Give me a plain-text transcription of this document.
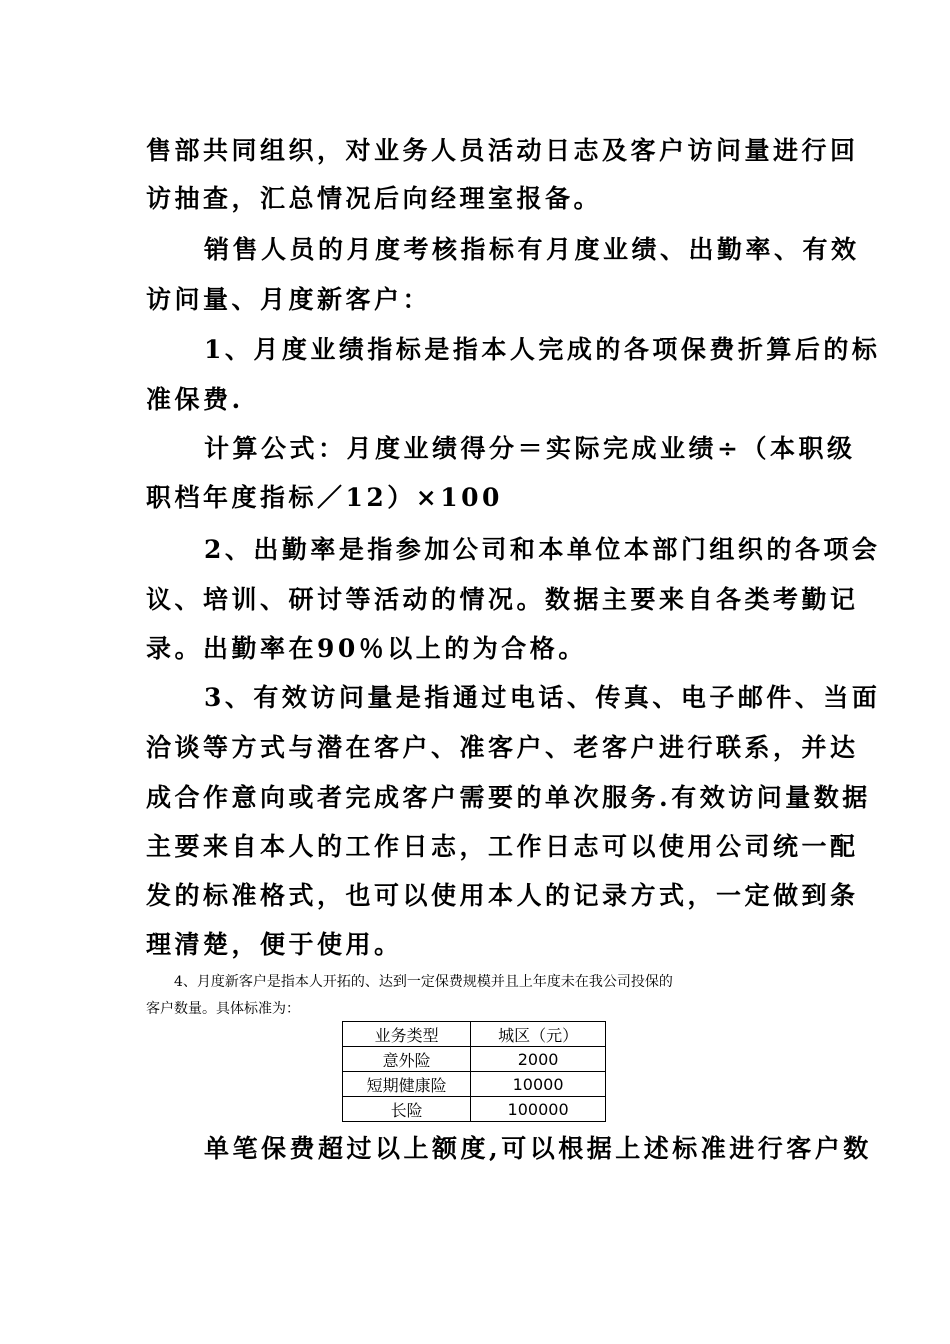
售部共同组织，对业务人员活动日志及客户访问量进行回

访抽查，汇总情况后向经理室报备。

销售人员的月度考核指标有月度业绩、出勤率、有效

访问量、月度新客户：

1、月度业绩指标是指本人完成的各项保费折算后的标

准保费.

计算公式：月度业绩得分＝实际完成业绩÷（本职级

职档年度指标／12）×100

2、出勤率是指参加公司和本单位本部门组织的各项会

议、培训、研讨等活动的情况。数据主要来自各类考勤记

录。出勤率在90％以上的为合格。

3、有效访问量是指通过电话、传真、电子邮件、当面

洽谈等方式与潜在客户、准客户、老客户进行联系，并达

成合作意向或者完成客户需要的单次服务.有效访问量数据

主要来自本人的工作日志，工作日志可以使用公司统一配

发的标准格式，也可以使用本人的记录方式，一定做到条

理清楚，便于使用。

4、月度新客户是指本人开拓的、达到一定保费规模并且上年度未在我公司投保的

客户数量。具体标准为：

业务类型	城区（元）
意外险	2000
短期健康险	10000
长险	100000

单笔保费超过以上额度,可以根据上述标准进行客户数
